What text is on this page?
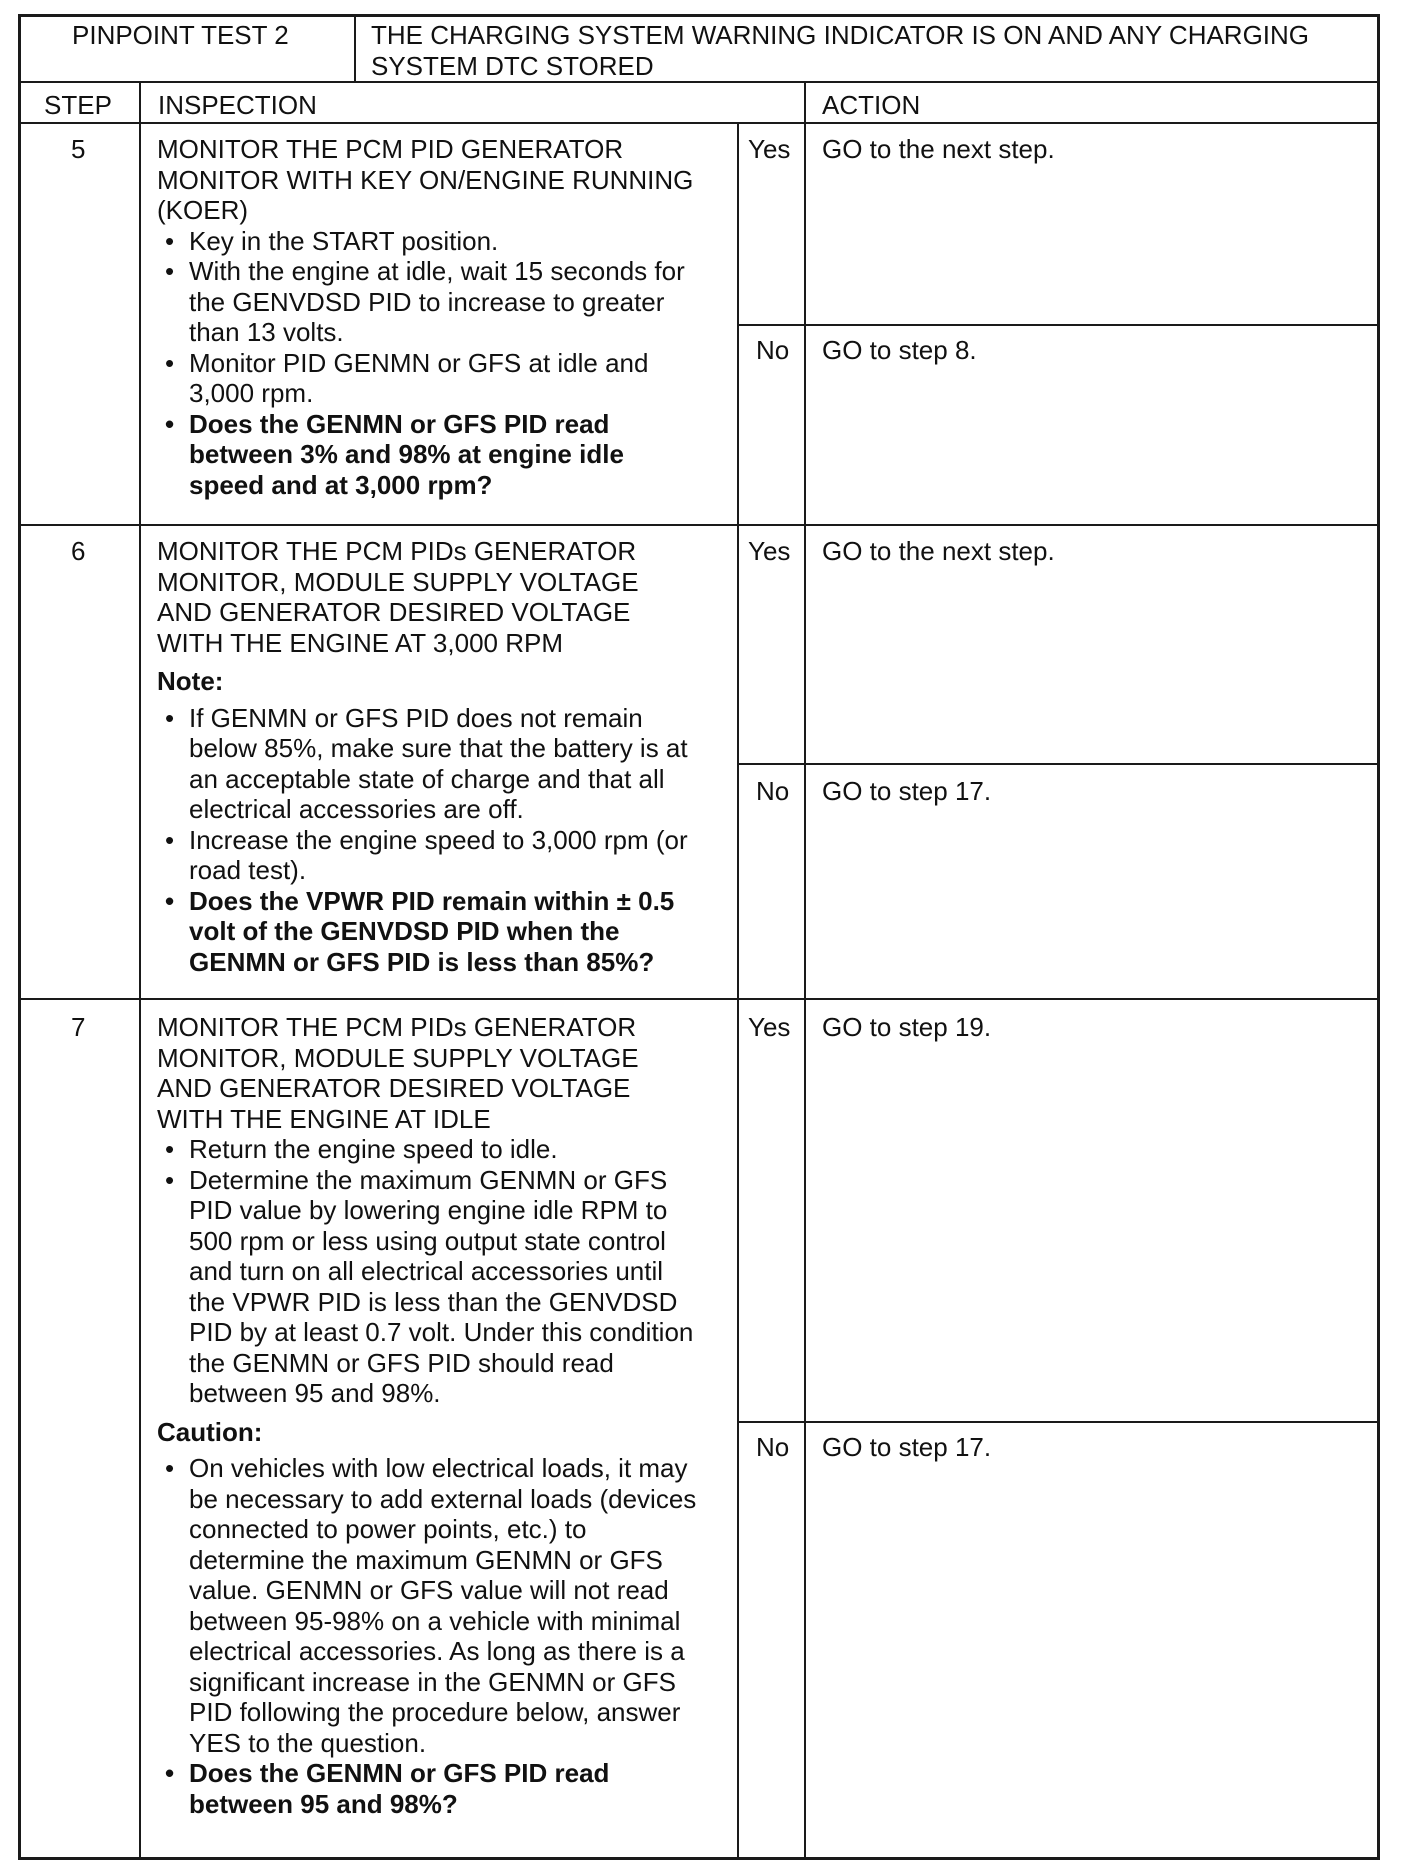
PINPOINT TEST 2	THE CHARGING SYSTEM WARNING INDICATOR IS ON AND ANY CHARGING
SYSTEM DTC STORED
STEP INSPECTION	ACTION
5	MONITOR THE PCM PID GENERATOR
MONITOR WITH KEY ON/ENGINE RUNNING
(KOER)
• Key in the START position.
• With the engine at idle, wait 15 seconds for
the GENVDSD PID to increase to greater
than 13 volts.
• Monitor PID GENMN or GFS at idle and
3,000 rpm.
• Does the GENMN or GFS PID read
between 3% and 98% at engine idle
speed and at 3,000 rpm?
Yes GO to the next step.
No GO to step 8.
6	MONITOR THE PCM PIDs GENERATOR
MONITOR, MODULE SUPPLY VOLTAGE
AND GENERATOR DESIRED VOLTAGE
WITH THE ENGINE AT 3,000 RPM
Note:
• If GENMN or GFS PID does not remain
below 85%, make sure that the battery is at
an acceptable state of charge and that all
electrical accessories are off.
• Increase the engine speed to 3,000 rpm (or
road test).
• Does the VPWR PID remain within ± 0.5
volt of the GENVDSD PID when the
GENMN or GFS PID is less than 85%?
Yes GO to the next step.
No GO to step 17.
7	MONITOR THE PCM PIDs GENERATOR
MONITOR, MODULE SUPPLY VOLTAGE
AND GENERATOR DESIRED VOLTAGE
WITH THE ENGINE AT IDLE
• Return the engine speed to idle.
• Determine the maximum GENMN or GFS
PID value by lowering engine idle RPM to
500 rpm or less using output state control
and turn on all electrical accessories until
the VPWR PID is less than the GENVDSD
PID by at least 0.7 volt. Under this condition
the GENMN or GFS PID should read
between 95 and 98%.
Caution:
• On vehicles with low electrical loads, it may
be necessary to add external loads (devices
connected to power points, etc.) to
determine the maximum GENMN or GFS
value. GENMN or GFS value will not read
between 95-98% on a vehicle with minimal
electrical accessories. As long as there is a
significant increase in the GENMN or GFS
PID following the procedure below, answer
YES to the question.
• Does the GENMN or GFS PID read
between 95 and 98%?
Yes GO to step 19.
No GO to step 17.
